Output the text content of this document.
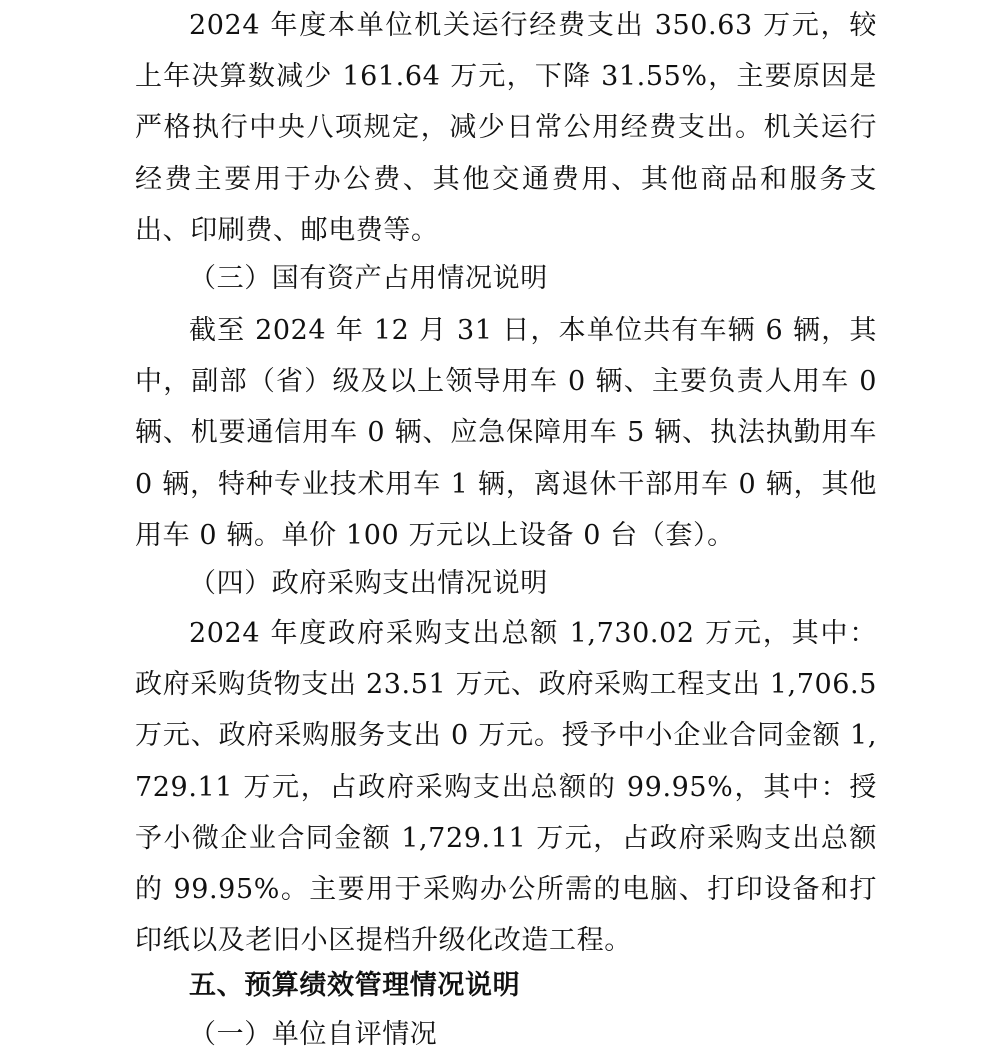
2024 年度本单位机关运行经费支出 350.63 万元，较上年决算数减少 161.64 万元，下降 31.55%，主要原因是严格执行中央八项规定，减少日常公用经费支出。机关运行经费主要用于办公费、其他交通费用、其他商品和服务支出、印刷费、邮电费等。

（三）国有资产占用情况说明

截至 2024 年 12 月 31 日，本单位共有车辆 6 辆，其中，副部（省）级及以上领导用车 0 辆、主要负责人用车 0 辆、机要通信用车 0 辆、应急保障用车 5 辆、执法执勤用车 0 辆，特种专业技术用车 1 辆，离退休干部用车 0 辆，其他用车 0 辆。单价 100 万元以上设备 0 台（套）。

（四）政府采购支出情况说明

2024 年度政府采购支出总额 1,730.02 万元，其中：政府采购货物支出 23.51 万元、政府采购工程支出 1,706.5 万元、政府采购服务支出 0 万元。授予中小企业合同金额 1,729.11 万元，占政府采购支出总额的 99.95%，其中：授予小微企业合同金额 1,729.11 万元，占政府采购支出总额的 99.95%。主要用于采购办公所需的电脑、打印设备和打印纸以及老旧小区提档升级化改造工程。

五、预算绩效管理情况说明

（一）单位自评情况
